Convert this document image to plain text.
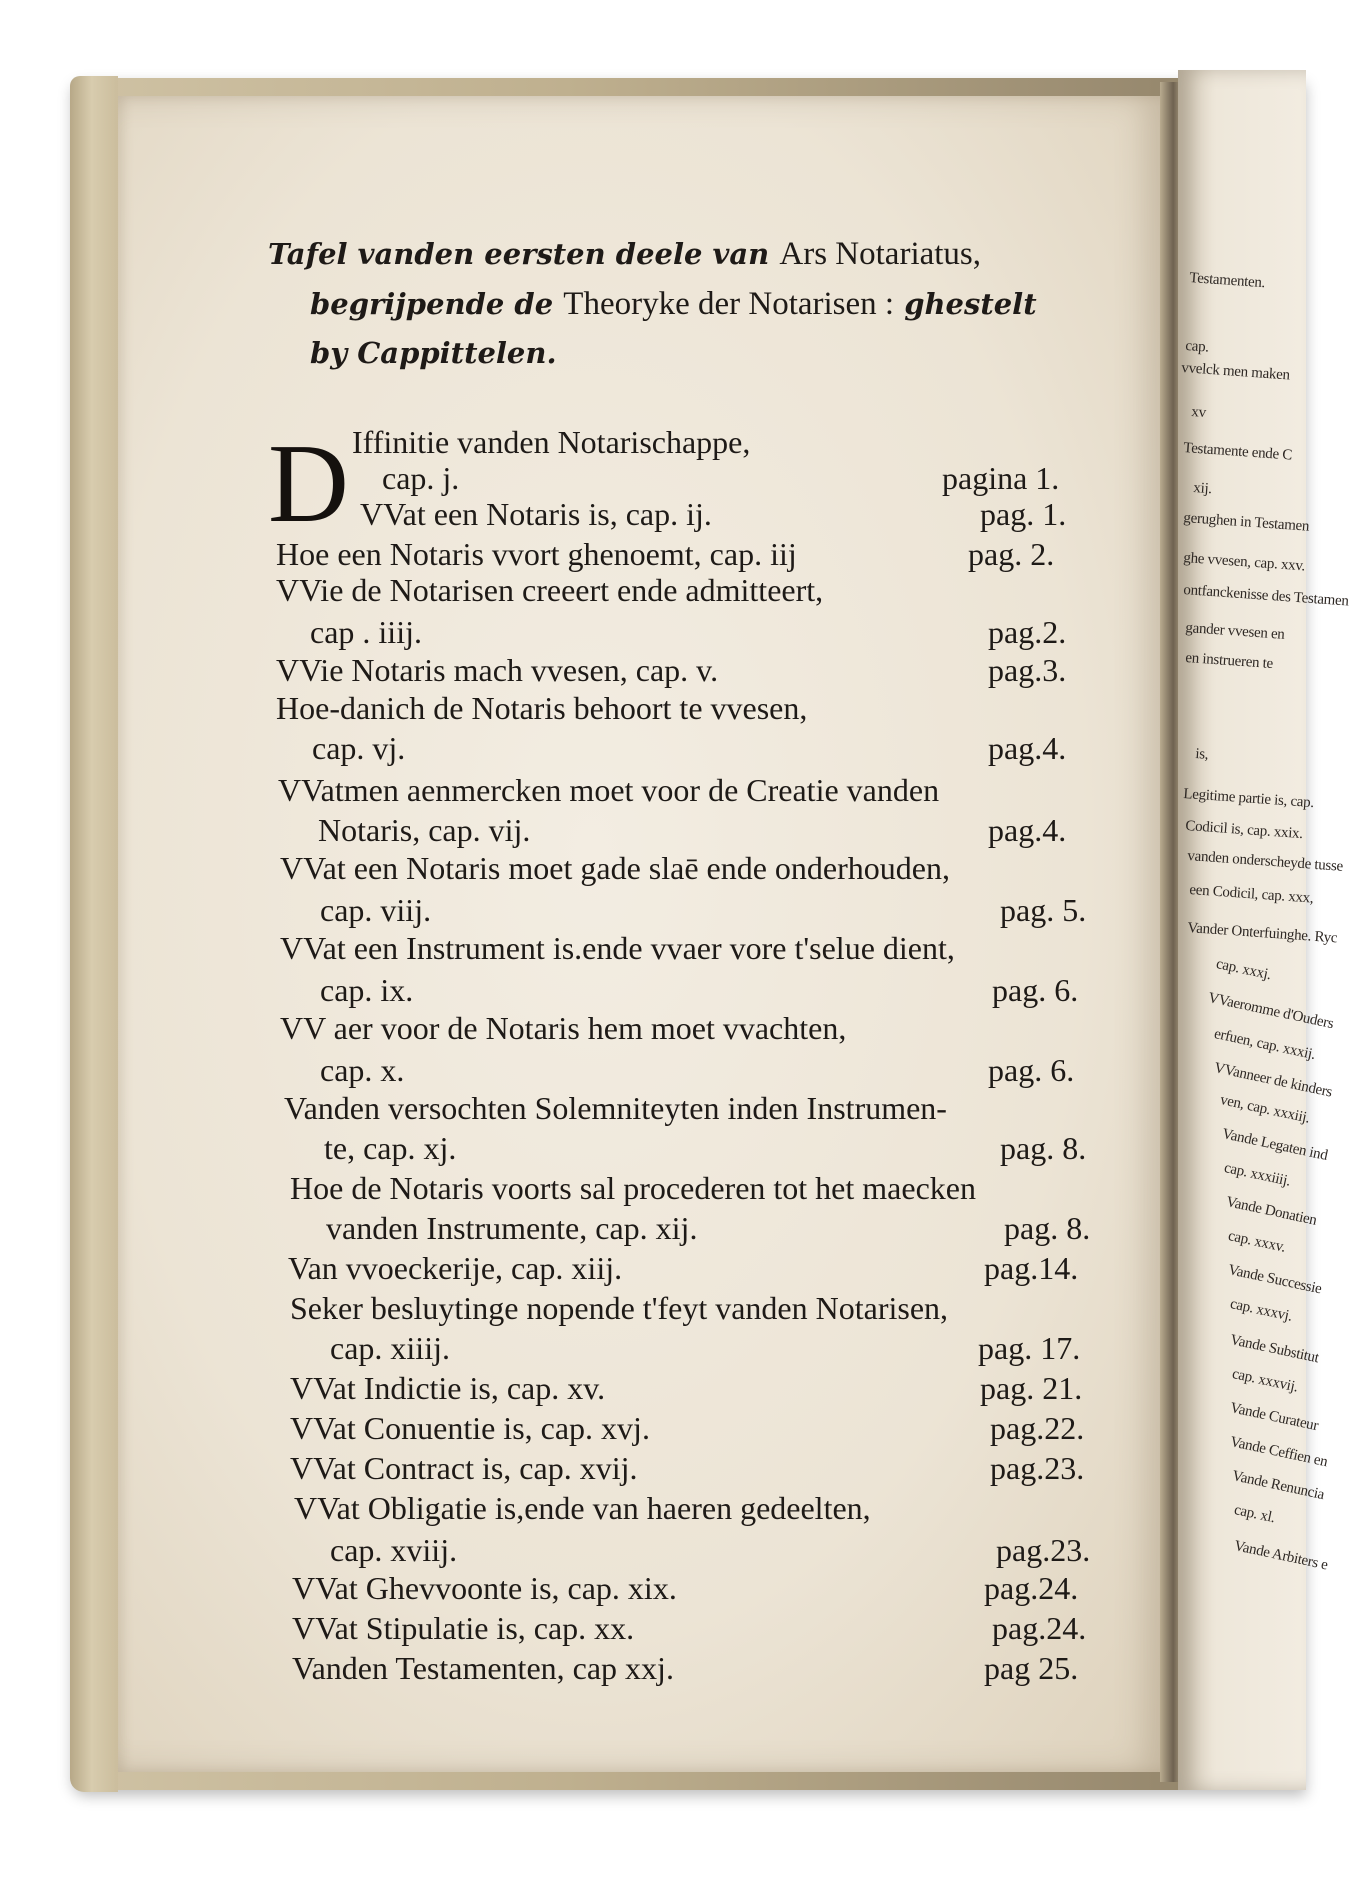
Testamenten.
cap.
vvelck men maken
xv
Testamente ende C
xij.
gerughen in Testamen
ghe vvesen, cap. xxv.
ontfanckenisse des Testamen
gander vvesen en
en instrueren te
is,
Legitime partie is, cap.
Codicil is, cap. xxix.
vanden onderscheyde tusse
een Codicil, cap. xxx,
Vander Onterfuinghe. Ryc
cap. xxxj.
VVaeromme d'Ouders
erfuen, cap. xxxij.
VVanneer de kinders
ven, cap. xxxiij.
Vande Legaten ind
cap. xxxiiij.
Vande Donatien
cap. xxxv.
Vande Successie
cap. xxxvj.
Vande Substitut
cap. xxxvij.
Vande Curateur
Vande Ceffien en
Vande Renuncia
cap. xl.
Vande Arbiters e
Tafel vanden eersten deele van Ars Notariatus,
begrijpende de Theoryke der Notarisen : ghestelt
by Cappittelen.
D Iffinitie vanden Notarischappe,
cap. j.	pagina 1.
VVat een Notaris is, cap. ij.	pag. 1.
Hoe een Notaris vvort ghenoemt, cap. iij	pag. 2.
VVie de Notarisen creeert ende admitteert,
cap . iiij.	pag.2.
VVie Notaris mach vvesen, cap. v.	pag.3.
Hoe-danich de Notaris behoort te vvesen,
cap. vj.	pag.4.
VVatmen aenmercken moet voor de Creatie vanden
Notaris, cap. vij.	pag.4.
VVat een Notaris moet gade slaē ende onderhouden,
cap. viij.	pag. 5.
VVat een Instrument is.ende vvaer vore t'selue dient,
cap. ix.	pag. 6.
VV aer voor de Notaris hem moet vvachten,
cap. x.	pag. 6.
Vanden versochten Solemniteyten inden Instrumen-
te, cap. xj.	pag. 8.
Hoe de Notaris voorts sal procederen tot het maecken
vanden Instrumente, cap. xij.	pag. 8.
Van vvoeckerije, cap. xiij.	pag.14.
Seker besluytinge nopende t'feyt vanden Notarisen,
cap. xiiij.	pag. 17.
VVat Indictie is, cap. xv.	pag. 21.
VVat Conuentie is, cap. xvj.	pag.22.
VVat Contract is, cap. xvij.	pag.23.
VVat Obligatie is,ende van haeren gedeelten,
cap. xviij.	pag.23.
VVat Ghevvoonte is, cap. xix.	pag.24.
VVat Stipulatie is, cap. xx.	pag.24.
Vanden Testamenten, cap xxj.	pag 25.
